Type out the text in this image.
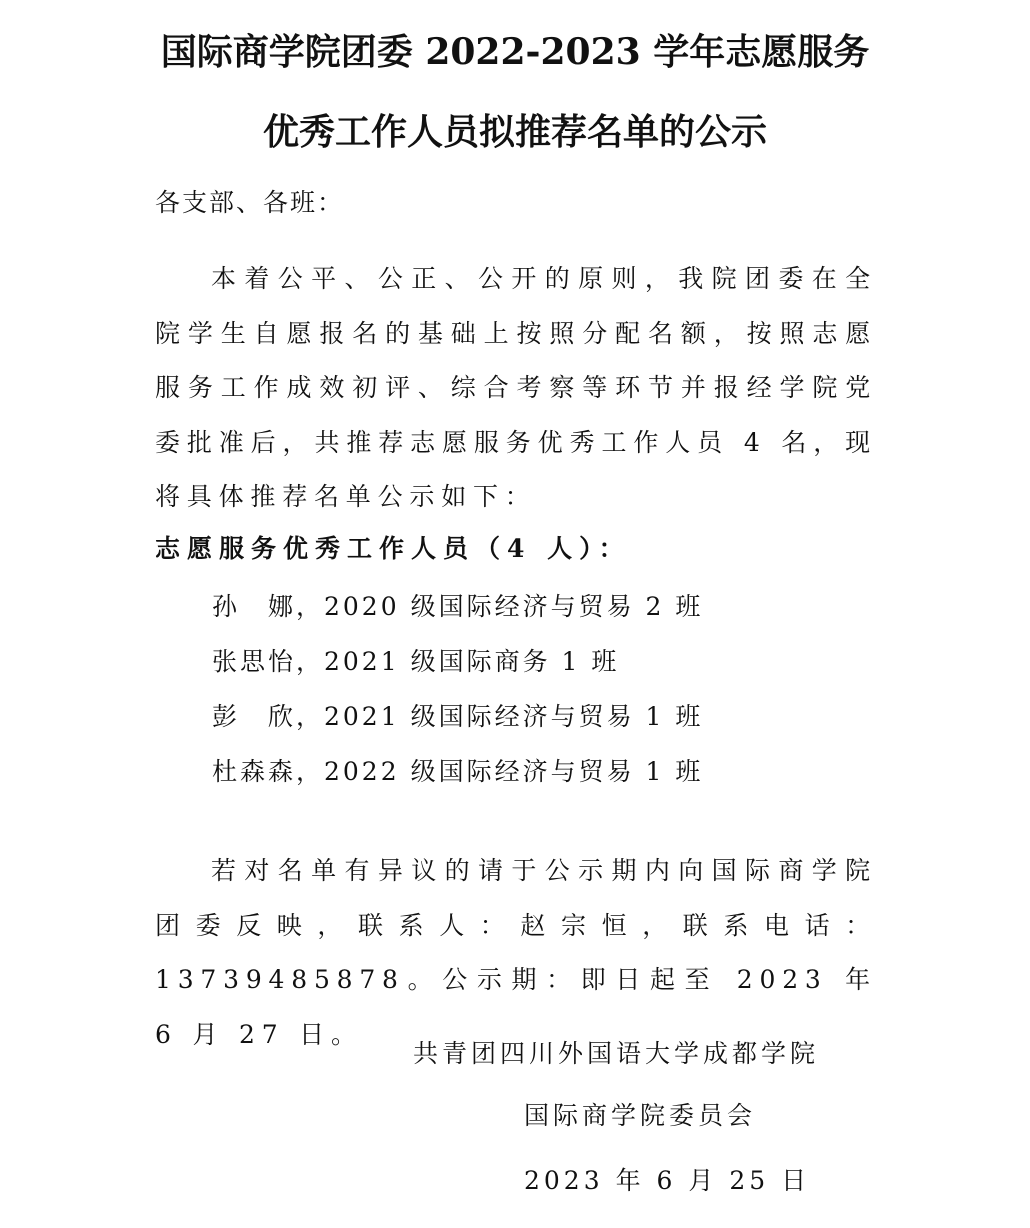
国际商学院团委 2022-2023 学年志愿服务
优秀工作人员拟推荐名单的公示
各支部、各班：

本着公平、公正、公开的原则，我院团委在全院学生自愿报名的基础上按照分配名额，按照志愿服务工作成效初评、综合考察等环节并报经学院党委批准后，共推荐志愿服务优秀工作人员 4 名，现将具体推荐名单公示如下：

志愿服务优秀工作人员（4 人）：

孙　娜，2020 级国际经济与贸易 2 班
张思怡，2021 级国际商务 1 班
彭　欣，2021 级国际经济与贸易 1 班
杜森森，2022 级国际经济与贸易 1 班

若对名单有异议的请于公示期内向国际商学院团委反映，联系人：赵宗恒，联系电话：13739485878。公示期：即日起至 2023 年 6 月 27 日。

共青团四川外国语大学成都学院
国际商学院委员会
2023 年 6 月 25 日
